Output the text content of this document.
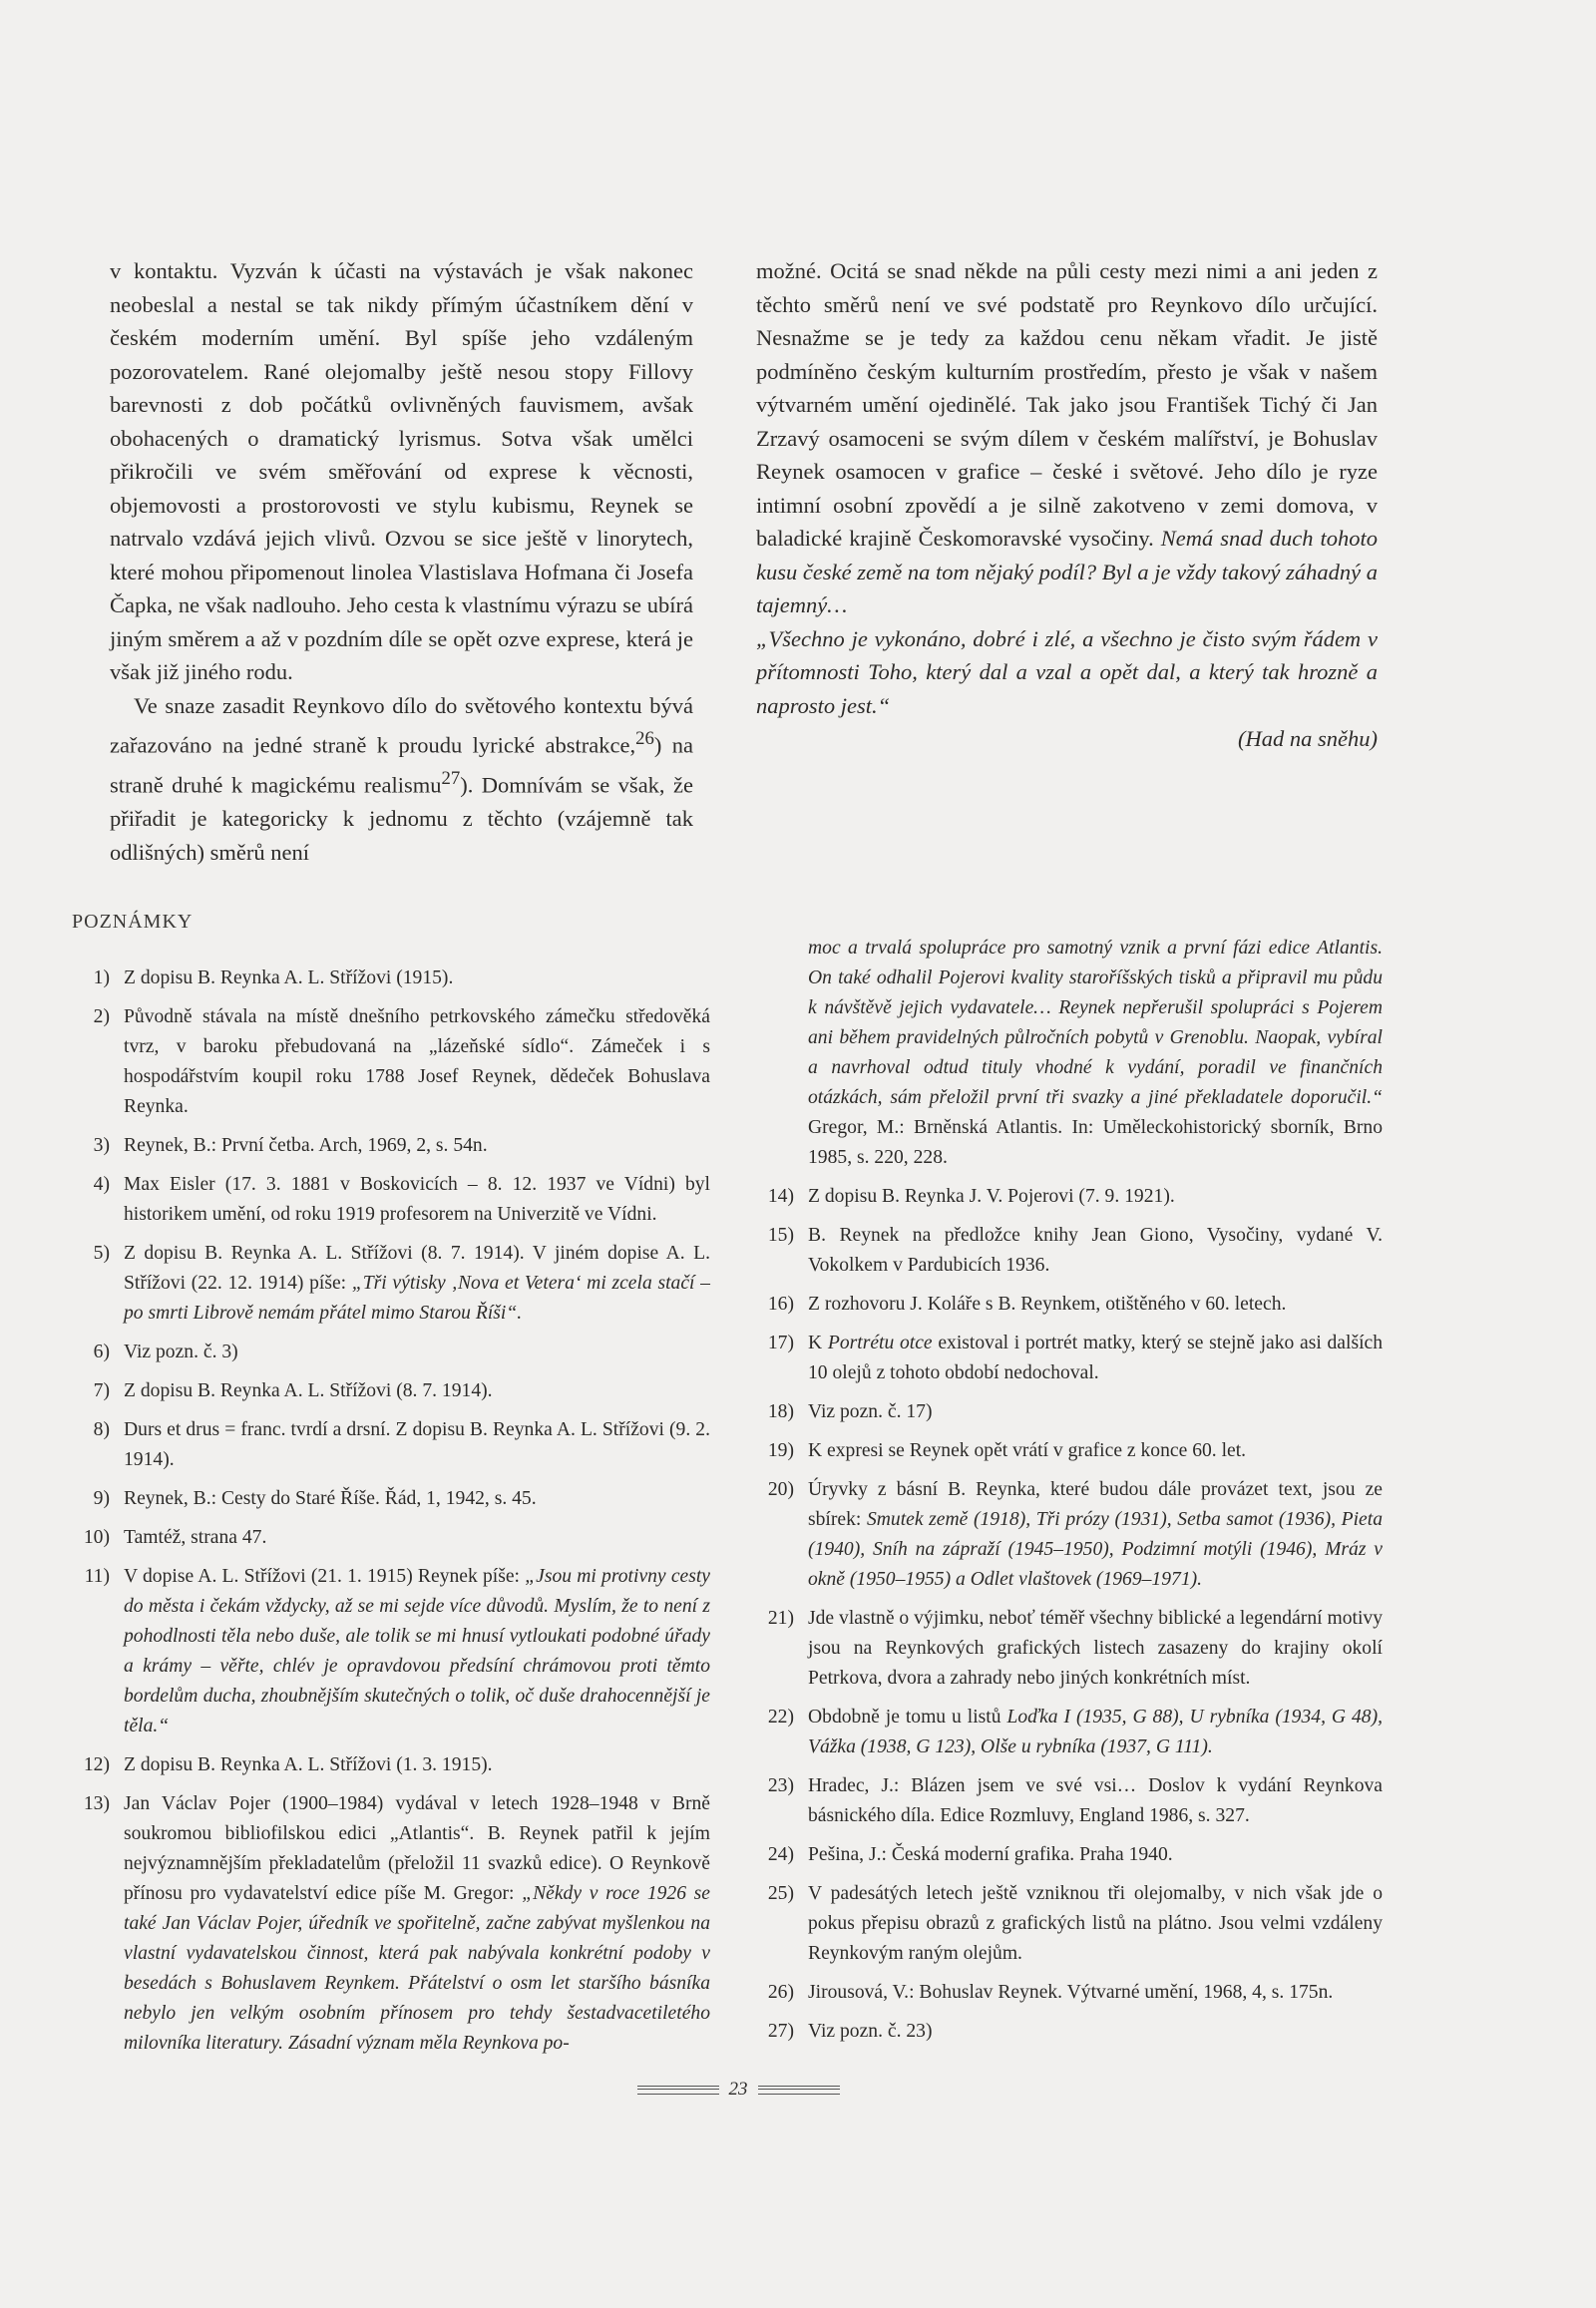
v kontaktu. Vyzván k účasti na výstavách je však nakonec neobeslal a nestal se tak nikdy přímým účastníkem dění v českém moderním umění. Byl spíše jeho vzdáleným pozorovatelem. Rané olejomalby ještě nesou stopy Fillovy barevnosti z dob počátků ovlivněných fauvismem, avšak obohacených o dramatický lyrismus. Sotva však umělci přikročili ve svém směřování od exprese k věcnosti, objemovosti a prostorovosti ve stylu kubismu, Reynek se natrvalo vzdává jejich vlivů. Ozvou se sice ještě v linorytech, které mohou připomenout linolea Vlastislava Hofmana či Josefa Čapka, ne však nadlouho. Jeho cesta k vlastnímu výrazu se ubírá jiným směrem a až v pozdním díle se opět ozve exprese, která je však již jiného rodu.

Ve snaze zasadit Reynkovo dílo do světového kontextu bývá zařazováno na jedné straně k proudu lyrické abstrakce,$^{26}$) na straně druhé k magickému realismu$^{27}$). Domnívám se však, že přiřadit je kategoricky k jednomu z těchto (vzájemně tak odlišných) směrů není

možné. Ocitá se snad někde na půli cesty mezi nimi a ani jeden z těchto směrů není ve své podstatě pro Reynkovo dílo určující. Nesnažme se je tedy za každou cenu někam vřadit. Je jistě podmíněno českým kulturním prostředím, přesto je však v našem výtvarném umění ojedinělé. Tak jako jsou František Tichý či Jan Zrzavý osamoceni se svým dílem v českém malířství, je Bohuslav Reynek osamocen v grafice – české i světové. Jeho dílo je ryze intimní osobní zpovědí a je silně zakotveno v zemi domova, v baladické krajině Českomoravské vysočiny. Nemá snad duch tohoto kusu české země na tom nějaký podíl? Byl a je vždy takový záhadný a tajemný…

„Všechno je vykonáno, dobré i zlé, a všechno je čisto svým řádem v přítomnosti Toho, který dal a vzal a opět dal, a který tak hrozně a naprosto jest.“

(Had na sněhu)

POZNÁMKY
1) Z dopisu B. Reynka A. L. Střížovi (1915).
2) Původně stávala na místě dnešního petrkovského zámečku středověká tvrz, v baroku přebudovaná na „lázeňské sídlo“. Zámeček i s hospodářstvím koupil roku 1788 Josef Reynek, dědeček Bohuslava Reynka.
3) Reynek, B.: První četba. Arch, 1969, 2, s. 54n.
4) Max Eisler (17. 3. 1881 v Boskovicích – 8. 12. 1937 ve Vídni) byl historikem umění, od roku 1919 profesorem na Univerzitě ve Vídni.
5) Z dopisu B. Reynka A. L. Střížovi (8. 7. 1914). V jiném dopise A. L. Střížovi (22. 12. 1914) píše: „Tři výtisky ‚Nova et Vetera‘ mi zcela stačí – po smrti Librově nemám přátel mimo Starou Říši“.
6) Viz pozn. č. 3)
7) Z dopisu B. Reynka A. L. Střížovi (8. 7. 1914).
8) Durs et drus = franc. tvrdí a drsní. Z dopisu B. Reynka A. L. Střížovi (9. 2. 1914).
9) Reynek, B.: Cesty do Staré Říše. Řád, 1, 1942, s. 45.
10) Tamtéž, strana 47.
11) V dopise A. L. Střížovi (21. 1. 1915) Reynek píše: „Jsou mi protivny cesty do města i čekám vždycky, až se mi sejde více důvodů. Myslím, že to není z pohodlnosti těla nebo duše, ale tolik se mi hnusí vytloukati podobné úřady a krámy – věřte, chlév je opravdovou předsíní chrámovou proti těmto bordelům ducha, zhoubnějším skutečných o tolik, oč duše drahocennější je těla.“
12) Z dopisu B. Reynka A. L. Střížovi (1. 3. 1915).
13) Jan Václav Pojer (1900–1984) vydával v letech 1928–1948 v Brně soukromou bibliofilskou edici „Atlantis“. B. Reynek patřil k jejím nejvýznamnějším překladatelům (přeložil 11 svazků edice). O Reynkově přínosu pro vydavatelství edice píše M. Gregor: „Někdy v roce 1926 se také Jan Václav Pojer, úředník ve spořitelně, začne zabývat myšlenkou na vlastní vydavatelskou činnost, která pak nabývala konkrétní podoby v besedách s Bohuslavem Reynkem. Přátelství o osm let staršího básníka nebylo jen velkým osobním přínosem pro tehdy šestadvacetiletého milovníka literatury. Zásadní význam měla Reynkova po-
moc a trvalá spolupráce pro samotný vznik a první fázi edice Atlantis. On také odhalil Pojerovi kvality staroříšských tisků a připravil mu půdu k návštěvě jejich vydavatele… Reynek nepřerušil spolupráci s Pojerem ani během pravidelných půlročních pobytů v Grenoblu. Naopak, vybíral a navrhoval odtud tituly vhodné k vydání, poradil ve finančních otázkách, sám přeložil první tři svazky a jiné překladatele doporučil.“ Gregor, M.: Brněnská Atlantis. In: Uměleckohistorický sborník, Brno 1985, s. 220, 228.
14) Z dopisu B. Reynka J. V. Pojerovi (7. 9. 1921).
15) B. Reynek na předložce knihy Jean Giono, Vysočiny, vydané V. Vokolkem v Pardubicích 1936.
16) Z rozhovoru J. Koláře s B. Reynkem, otištěného v 60. letech.
17) K Portrétu otce existoval i portrét matky, který se stejně jako asi dalších 10 olejů z tohoto období nedochoval.
18) Viz pozn. č. 17)
19) K expresi se Reynek opět vrátí v grafice z konce 60. let.
20) Úryvky z básní B. Reynka, které budou dále provázet text, jsou ze sbírek: Smutek země (1918), Tři prózy (1931), Setba samot (1936), Pieta (1940), Sníh na zápraží (1945–1950), Podzimní motýli (1946), Mráz v okně (1950–1955) a Odlet vlaštovek (1969–1971).
21) Jde vlastně o výjimku, neboť téměř všechny biblické a legendární motivy jsou na Reynkových grafických listech zasazeny do krajiny okolí Petrkova, dvora a zahrady nebo jiných konkrétních míst.
22) Obdobně je tomu u listů Loďka I (1935, G 88), U rybníka (1934, G 48), Vážka (1938, G 123), Olše u rybníka (1937, G 111).
23) Hradec, J.: Blázen jsem ve své vsi… Doslov k vydání Reynkova básnického díla. Edice Rozmluvy, England 1986, s. 327.
24) Pešina, J.: Česká moderní grafika. Praha 1940.
25) V padesátých letech ještě vzniknou tři olejomalby, v nich však jde o pokus přepisu obrazů z grafických listů na plátno. Jsou velmi vzdáleny Reynkovým raným olejům.
26) Jirousová, V.: Bohuslav Reynek. Výtvarné umění, 1968, 4, s. 175n.
27) Viz pozn. č. 23)
23
